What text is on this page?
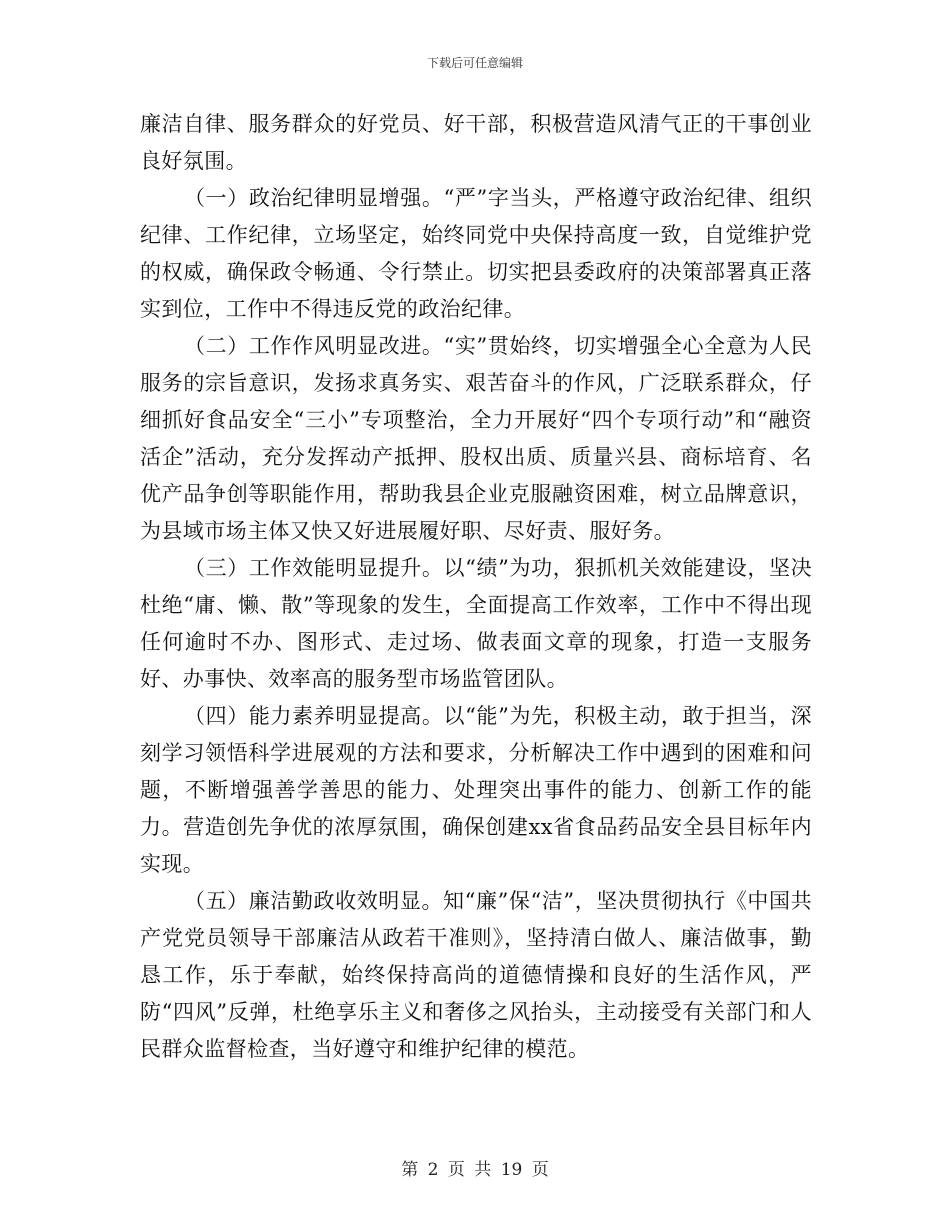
下载后可任意编辑

廉洁自律、服务群众的好党员、好干部，积极营造风清气正的干事创业良好氛围。

（一）政治纪律明显增强。“严”字当头，严格遵守政治纪律、组织纪律、工作纪律，立场坚定，始终同党中央保持高度一致，自觉维护党的权威，确保政令畅通、令行禁止。切实把县委政府的决策部署真正落实到位，工作中不得违反党的政治纪律。

（二）工作作风明显改进。“实”贯始终，切实增强全心全意为人民服务的宗旨意识，发扬求真务实、艰苦奋斗的作风，广泛联系群众，仔细抓好食品安全“三小”专项整治，全力开展好“四个专项行动”和“融资活企”活动，充分发挥动产抵押、股权出质、质量兴县、商标培育、名优产品争创等职能作用，帮助我县企业克服融资困难，树立品牌意识，为县域市场主体又快又好进展履好职、尽好责、服好务。

（三）工作效能明显提升。以“绩”为功，狠抓机关效能建设，坚决杜绝“庸、懒、散”等现象的发生，全面提高工作效率，工作中不得出现任何逾时不办、图形式、走过场、做表面文章的现象，打造一支服务好、办事快、效率高的服务型市场监管团队。

（四）能力素养明显提高。以“能”为先，积极主动，敢于担当，深刻学习领悟科学进展观的方法和要求，分析解决工作中遇到的困难和问题，不断增强善学善思的能力、处理突出事件的能力、创新工作的能力。营造创先争优的浓厚氛围，确保创建xx省食品药品安全县目标年内实现。

（五）廉洁勤政收效明显。知“廉”保“洁”，坚决贯彻执行《中国共产党党员领导干部廉洁从政若干准则》，坚持清白做人、廉洁做事，勤恳工作，乐于奉献，始终保持高尚的道德情操和良好的生活作风，严防“四风”反弹，杜绝享乐主义和奢侈之风抬头，主动接受有关部门和人民群众监督检查，当好遵守和维护纪律的模范。

第 2 页 共 19 页
